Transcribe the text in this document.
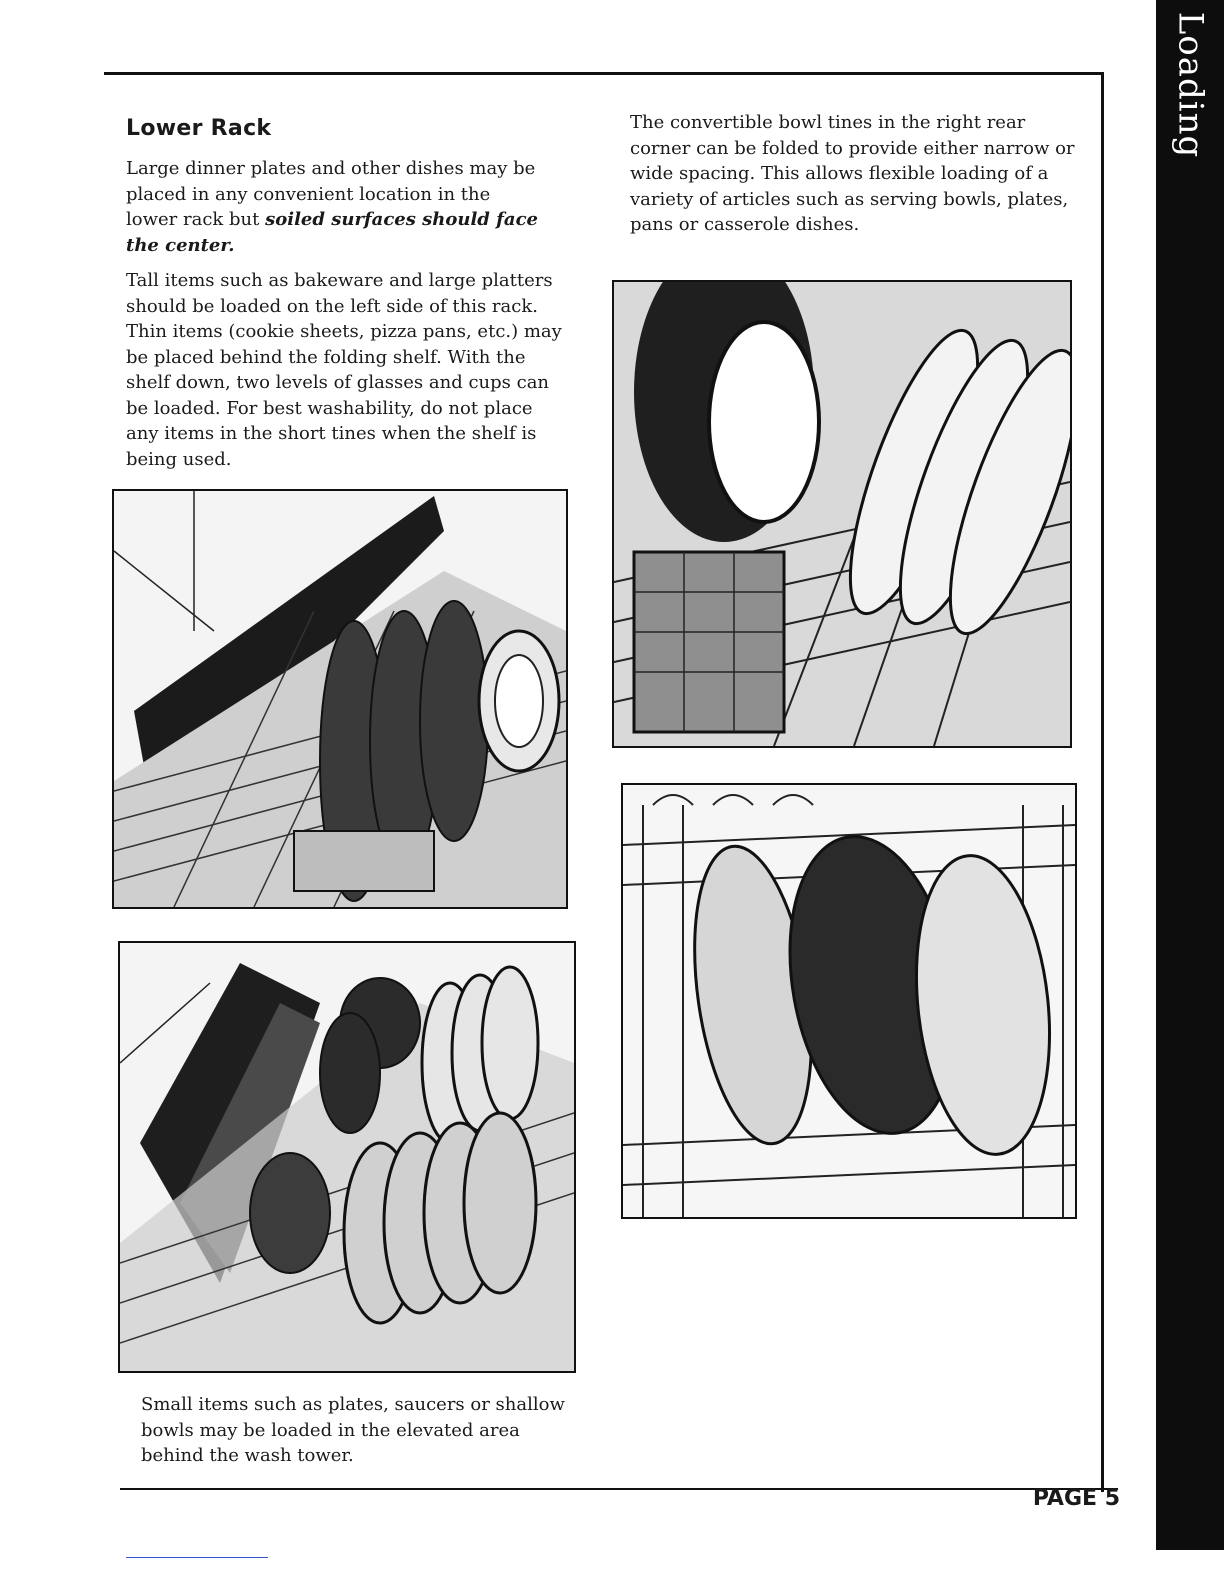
Loading
Lower Rack

Large dinner plates and other dishes may be placed in any convenient location in the lower rack but soiled surfaces should face the center.

Tall items such as bakeware and large platters should be loaded on the left side of this rack. Thin items (cookie sheets, pizza pans, etc.) may be placed behind the folding shelf. With the shelf down, two levels of glasses and cups can be loaded. For best washability, do not place any items in the short tines when the shelf is being used.

The convertible bowl tines in the right rear corner can be folded to provide either narrow or wide spacing. This allows flexible loading of a variety of articles such as serving bowls, plates, pans or casserole dishes.

Small items such as plates, saucers or shallow bowls may be loaded in the elevated area behind the wash tower.

PAGE 5
